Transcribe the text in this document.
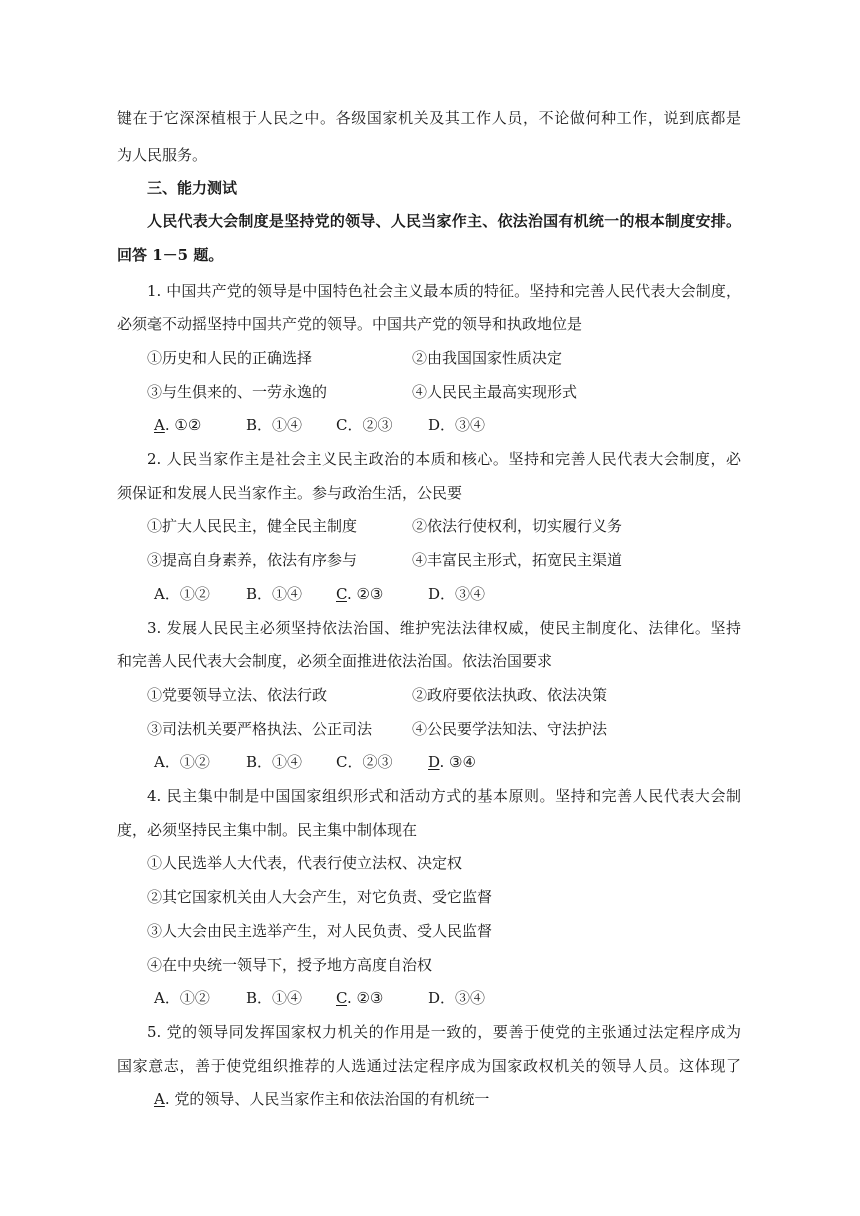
键在于它深深植根于人民之中。各级国家机关及其工作人员，不论做何种工作，说到底都是
为人民服务。
三、能力测试
人民代表大会制度是坚持党的领导、人民当家作主、依法治国有机统一的根本制度安排。
回答 1－5 题。
1. 中国共产党的领导是中国特色社会主义最本质的特征。坚持和完善人民代表大会制度，
必须毫不动摇坚持中国共产党的领导。中国共产党的领导和执政地位是
①历史和人民的正确选择	②由我国国家性质决定
③与生俱来的、一劳永逸的	④人民民主最高实现形式
A. ①②	B．①④ C．②③ D．③④
2. 人民当家作主是社会主义民主政治的本质和核心。坚持和完善人民代表大会制度，必
须保证和发展人民当家作主。参与政治生活，公民要
①扩大人民民主，健全民主制度	②依法行使权利，切实履行义务
③提高自身素养，依法有序参与	④丰富民主形式，拓宽民主渠道
A．①② B．①④ C. ②③	D．③④
3. 发展人民民主必须坚持依法治国、维护宪法法律权威，使民主制度化、法律化。坚持
和完善人民代表大会制度，必须全面推进依法治国。依法治国要求
①党要领导立法、依法行政	②政府要依法执政、依法决策
③司法机关要严格执法、公正司法	④公民要学法知法、守法护法
A．①② B．①④ C．②③ D. ③④
4. 民主集中制是中国国家组织形式和活动方式的基本原则。坚持和完善人民代表大会制
度，必须坚持民主集中制。民主集中制体现在
①人民选举人大代表，代表行使立法权、决定权
②其它国家机关由人大会产生，对它负责、受它监督
③人大会由民主选举产生，对人民负责、受人民监督
④在中央统一领导下，授予地方高度自治权
A．①② B．①④ C. ②③	D．③④
5. 党的领导同发挥国家权力机关的作用是一致的，要善于使党的主张通过法定程序成为
国家意志，善于使党组织推荐的人选通过法定程序成为国家政权机关的领导人员。这体现了
A. 党的领导、人民当家作主和依法治国的有机统一
